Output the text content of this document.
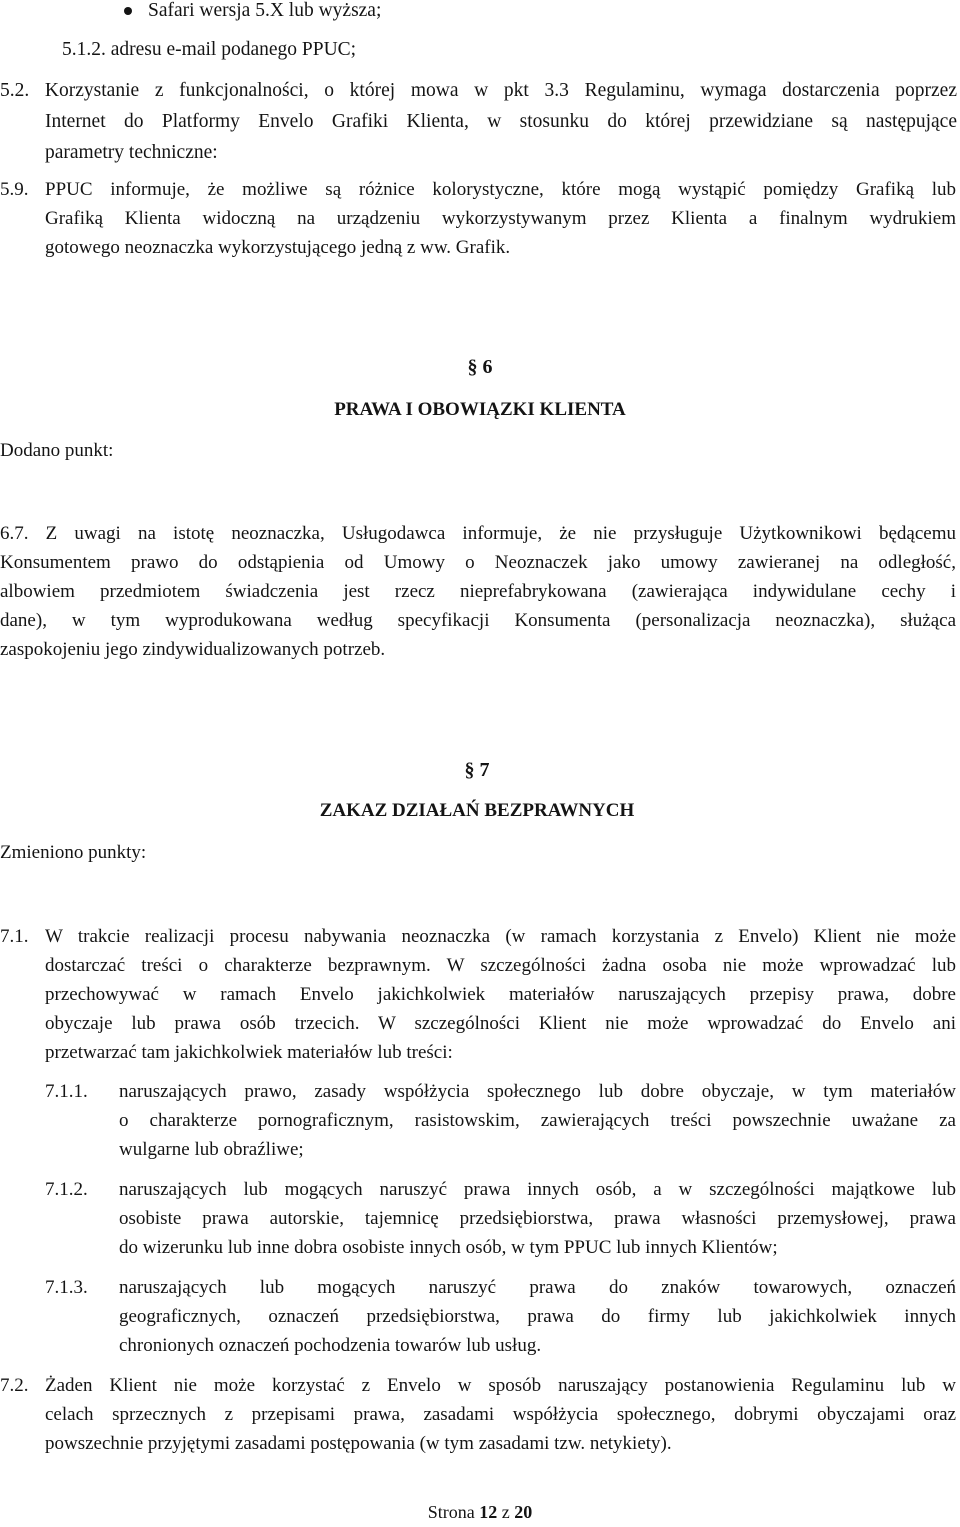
Safari wersja 5.X lub wyższa;
5.1.2. adresu e-mail podanego PPUC;
5.2. Korzystanie z funkcjonalności, o której mowa w pkt 3.3 Regulaminu, wymaga dostarczenia poprzez
Internet do Platformy Envelo Grafiki Klienta, w stosunku do której przewidziane są następujące
parametry techniczne:
5.9. PPUC informuje, że możliwe są różnice kolorystyczne, które mogą wystąpić pomiędzy Grafiką lub
Grafiką Klienta widoczną na urządzeniu wykorzystywanym przez Klienta a finalnym wydrukiem
gotowego neoznaczka wykorzystującego jedną z ww. Grafik.
§ 6
PRAWA I OBOWIĄZKI KLIENTA
Dodano punkt:
6.7. Z uwagi na istotę neoznaczka, Usługodawca informuje, że nie przysługuje Użytkownikowi będącemu
Konsumentem prawo do odstąpienia od Umowy o Neoznaczek jako umowy zawieranej na odległość,
albowiem przedmiotem świadczenia jest rzecz nieprefabrykowana (zawierająca indywidulane cechy i
dane), w tym wyprodukowana według specyfikacji Konsumenta (personalizacja neoznaczka), służąca
zaspokojeniu jego zindywidualizowanych potrzeb.
§ 7
ZAKAZ DZIAŁAŃ BEZPRAWNYCH
Zmieniono punkty:
7.1. W trakcie realizacji procesu nabywania neoznaczka (w ramach korzystania z Envelo) Klient nie może
dostarczać treści o charakterze bezprawnym. W szczególności żadna osoba nie może wprowadzać lub
przechowywać w ramach Envelo jakichkolwiek materiałów naruszających przepisy prawa, dobre
obyczaje lub prawa osób trzecich. W szczególności Klient nie może wprowadzać do Envelo ani
przetwarzać tam jakichkolwiek materiałów lub treści:
7.1.1. naruszających prawo, zasady współżycia społecznego lub dobre obyczaje, w tym materiałów
o charakterze pornograficznym, rasistowskim, zawierających treści powszechnie uważane za
wulgarne lub obraźliwe;
7.1.2. naruszających lub mogących naruszyć prawa innych osób, a w szczególności majątkowe lub
osobiste prawa autorskie, tajemnicę przedsiębiorstwa, prawa własności przemysłowej, prawa
do wizerunku lub inne dobra osobiste innych osób, w tym PPUC lub innych Klientów;
7.1.3. naruszających lub mogących naruszyć prawa do znaków towarowych, oznaczeń
geograficznych, oznaczeń przedsiębiorstwa, prawa do firmy lub jakichkolwiek innych
chronionych oznaczeń pochodzenia towarów lub usług.
7.2. Żaden Klient nie może korzystać z Envelo w sposób naruszający postanowienia Regulaminu lub w
celach sprzecznych z przepisami prawa, zasadami współżycia społecznego, dobrymi obyczajami oraz
powszechnie przyjętymi zasadami postępowania (w tym zasadami tzw. netykiety).
Strona 12 z 20
